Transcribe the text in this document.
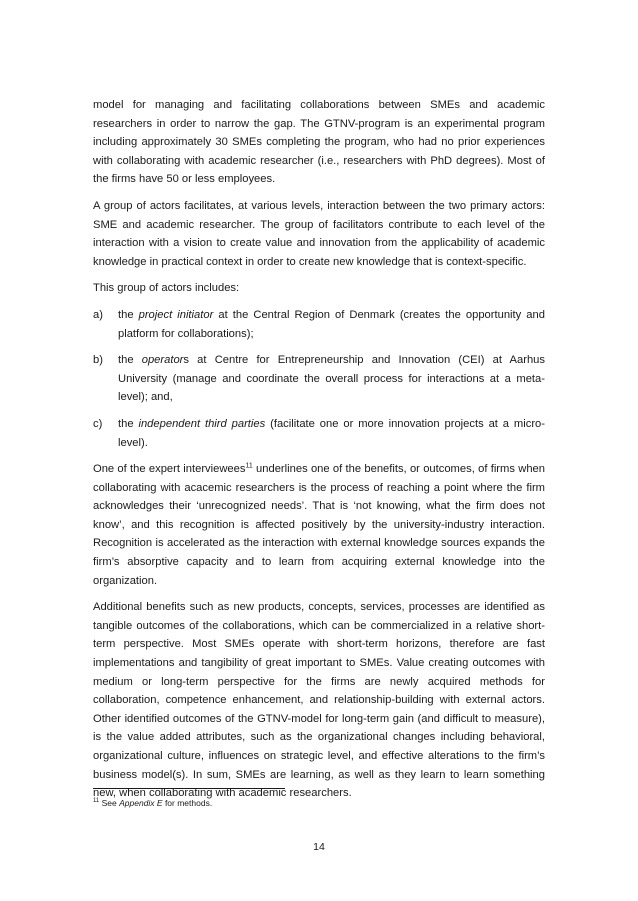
model for managing and facilitating collaborations between SMEs and academic researchers in order to narrow the gap. The GTNV-program is an experimental program including approximately 30 SMEs completing the program, who had no prior experiences with collaborating with academic researcher (i.e., researchers with PhD degrees). Most of the firms have 50 or less employees.

A group of actors facilitates, at various levels, interaction between the two primary actors: SME and academic researcher. The group of facilitators contribute to each level of the interaction with a vision to create value and innovation from the applicability of academic knowledge in practical context in order to create new knowledge that is context-specific.

This group of actors includes:

a)	the project initiator at the Central Region of Denmark (creates the opportunity and platform for collaborations);
b)	the operators at Centre for Entrepreneurship and Innovation (CEI) at Aarhus University (manage and coordinate the overall process for interactions at a meta-level); and,
c)	the independent third parties (facilitate one or more innovation projects at a micro-level).

One of the expert interviewees$^{11}$ underlines one of the benefits, or outcomes, of firms when collaborating with acacemic researchers is the process of reaching a point where the firm acknowledges their ‘unrecognized needs’. That is ‘not knowing, what the firm does not know’, and this recognition is affected positively by the university-industry interaction. Recognition is accelerated as the interaction with external knowledge sources expands the firm’s absorptive capacity and to learn from acquiring external knowledge into the organization.

Additional benefits such as new products, concepts, services, processes are identified as tangible outcomes of the collaborations, which can be commercialized in a relative short-term perspective. Most SMEs operate with short-term horizons, therefore are fast implementations and tangibility of great important to SMEs. Value creating outcomes with medium or long-term perspective for the firms are newly acquired methods for collaboration, competence enhancement, and relationship-building with external actors. Other identified outcomes of the GTNV-model for long-term gain (and difficult to measure), is the value added attributes, such as the organizational changes including behavioral, organizational culture, influences on strategic level, and effective alterations to the firm’s business model(s). In sum, SMEs are learning, as well as they learn to learn something new, when collaborating with academic researchers.

$^{11}$ See Appendix E for methods.
14
